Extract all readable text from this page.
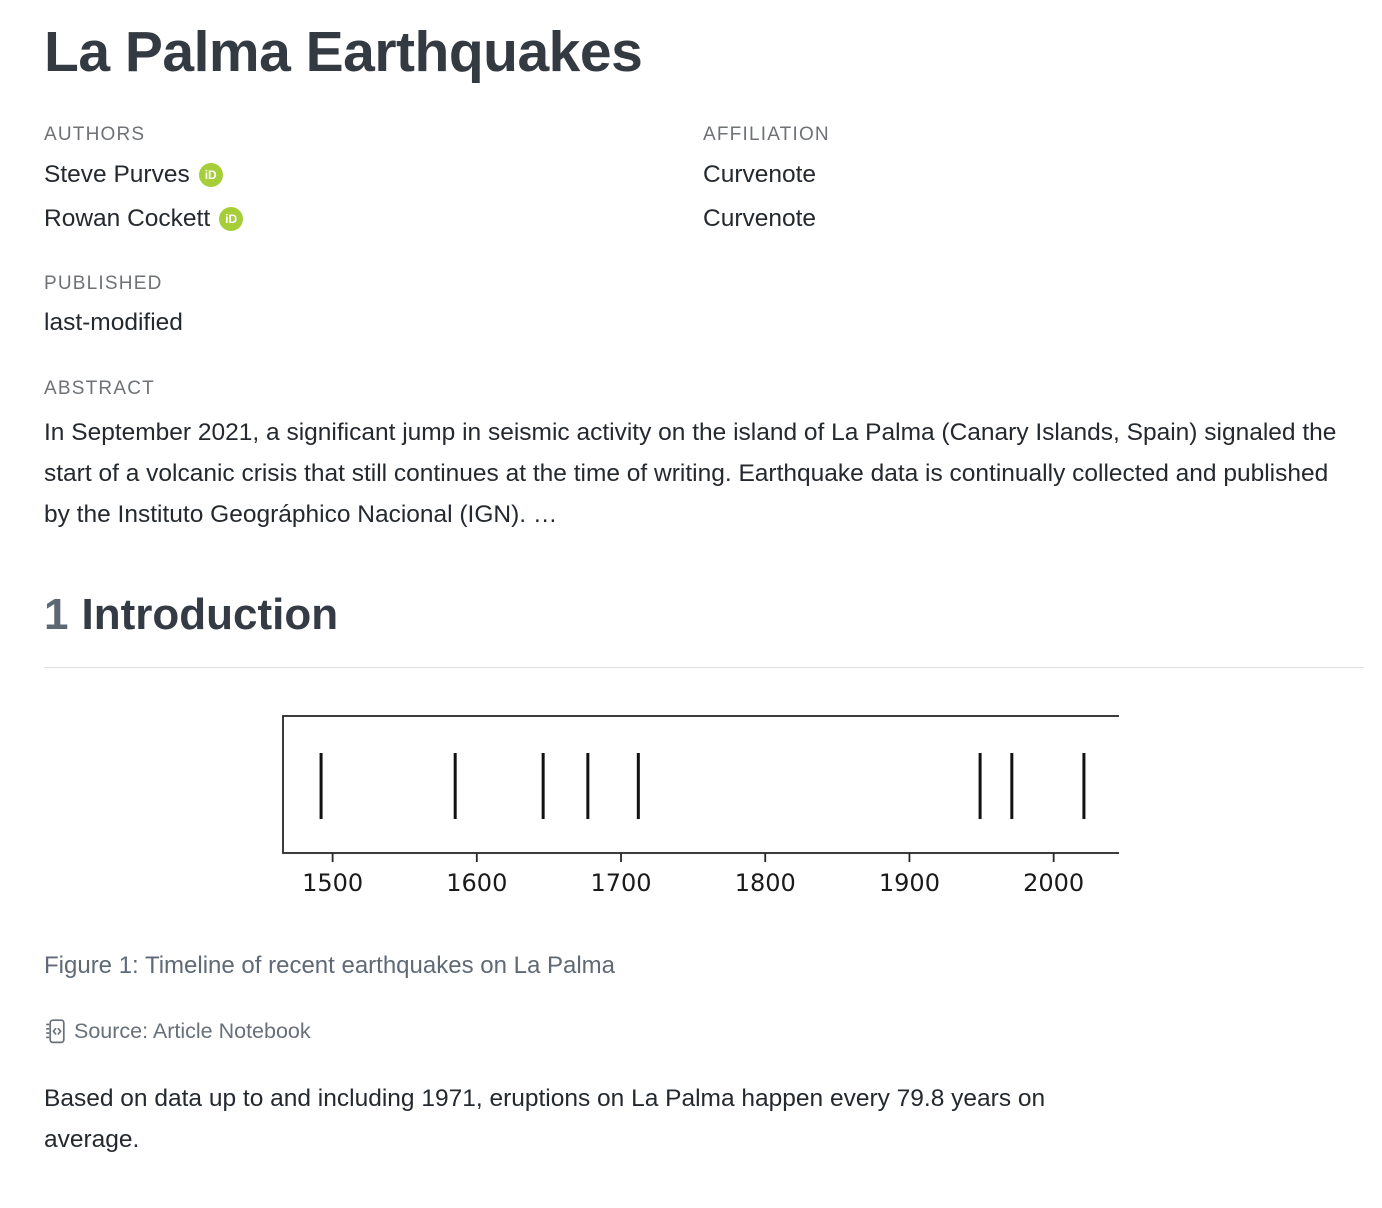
La Palma Earthquakes
AUTHORS	AFFILIATION
Steve Purves	iD	Curvenote
Rowan Cockett	iD	Curvenote
PUBLISHED
last-modified
ABSTRACT
In September 2021, a significant jump in seismic activity on the island of La Palma (Canary Islands, Spain) signaled the start of a volcanic crisis that still continues at the time of writing. Earthquake data is continually collected and published by the Instituto Geográphico Nacional (IGN). …
1 Introduction
1500	1600	1700	1800	1900	2000
Figure 1: Timeline of recent earthquakes on La Palma
Source: Article Notebook

Based on data up to and including 1971, eruptions on La Palma happen every 79.8 years on average.
